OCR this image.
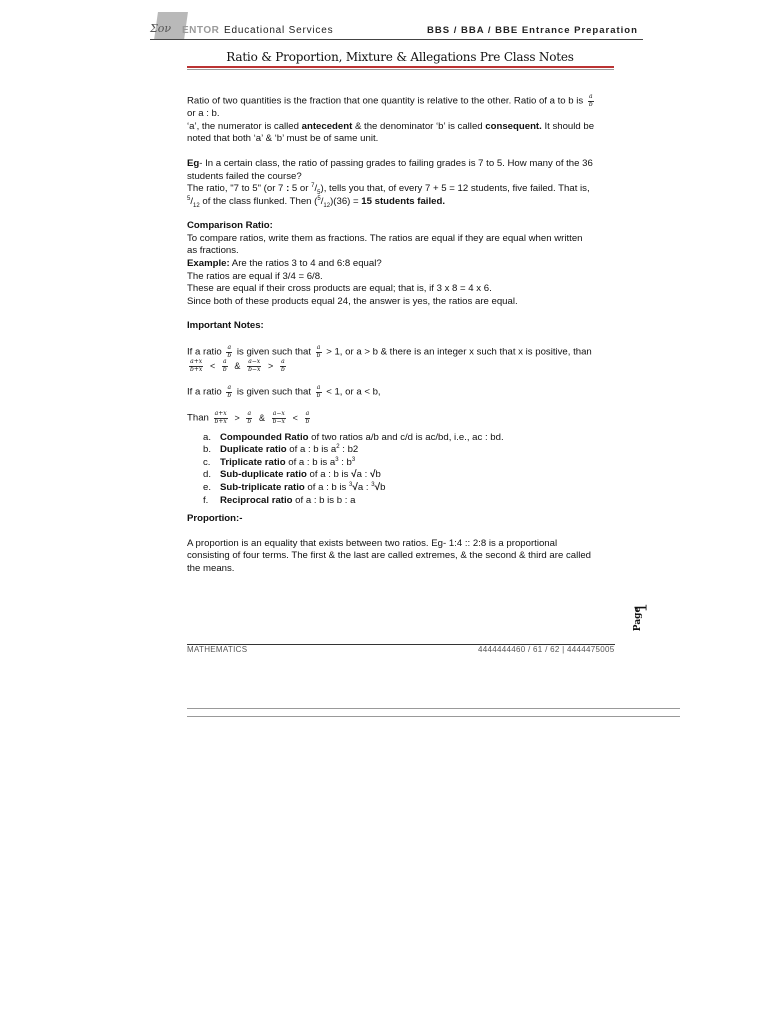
Σον ENTOR Educational Services	BBS / BBA / BBE Entrance Preparation
Ratio & Proportion, Mixture & Allegations Pre Class Notes

Ratio of two quantities is the fraction that one quantity is relative to the other. Ratio of a to b is $\frac{a}{b}$

or a : b.

‘a’, the numerator is called antecedent & the denominator ‘b’ is called consequent. It should be

noted that both ‘a’ & ‘b’ must be of same unit.

Eg- In a certain class, the ratio of passing grades to failing grades is 7 to 5. How many of the 36

students failed the course?

The ratio, "7 to 5" (or 7 : 5 or $^7/_5$), tells you that, of every 7 + 5 = 12 students, five failed. That is,

$^5/_{12}$ of the class flunked. Then $(^5/_{12})(36) = 15$ students failed.

Comparison Ratio:

To compare ratios, write them as fractions. The ratios are equal if they are equal when written

as fractions.

Example: Are the ratios 3 to 4 and 6:8 equal?

The ratios are equal if 3/4 = 6/8.

These are equal if their cross products are equal; that is, if 3 x 8 = 4 x 6.

Since both of these products equal 24, the answer is yes, the ratios are equal.

Important Notes:

If a ratio $\frac{a}{b}$ is given such that $\frac{a}{b} > 1$, or a > b & there is an integer x such that x is positive, than

$\frac{a+x}{b+x} < \frac{a}{b}$ & $\frac{a-x}{b-x} > \frac{a}{b}$

If a ratio $\frac{a}{b}$ is given such that $\frac{a}{b} < 1$, or a < b,

Than $\frac{a+x}{b+x} > \frac{a}{b}$ & $\frac{a-x}{b-x} < \frac{a}{b}$

a. Compounded Ratio of two ratios a/b and c/d is ac/bd, i.e., ac : bd.
b. Duplicate ratio of a : b is $a^2$ : b2
c. Triplicate ratio of a : b is $a^3$ : $b^3$
d. Sub-duplicate ratio of a : b is √a : √b
e. Sub-triplicate ratio of a : b is $^3$√a : $^3$√b
f. Reciprocal ratio of a : b is b : a

Proportion:-

A proportion is an equality that exists between two ratios. Eg- 1:4 :: 2:8 is a proportional

consisting of four terms. The first & the last are called extremes, & the second & third are called

the means.

1
Page
MATHEMATICS	4444444460 / 61 / 62 | 4444475005
